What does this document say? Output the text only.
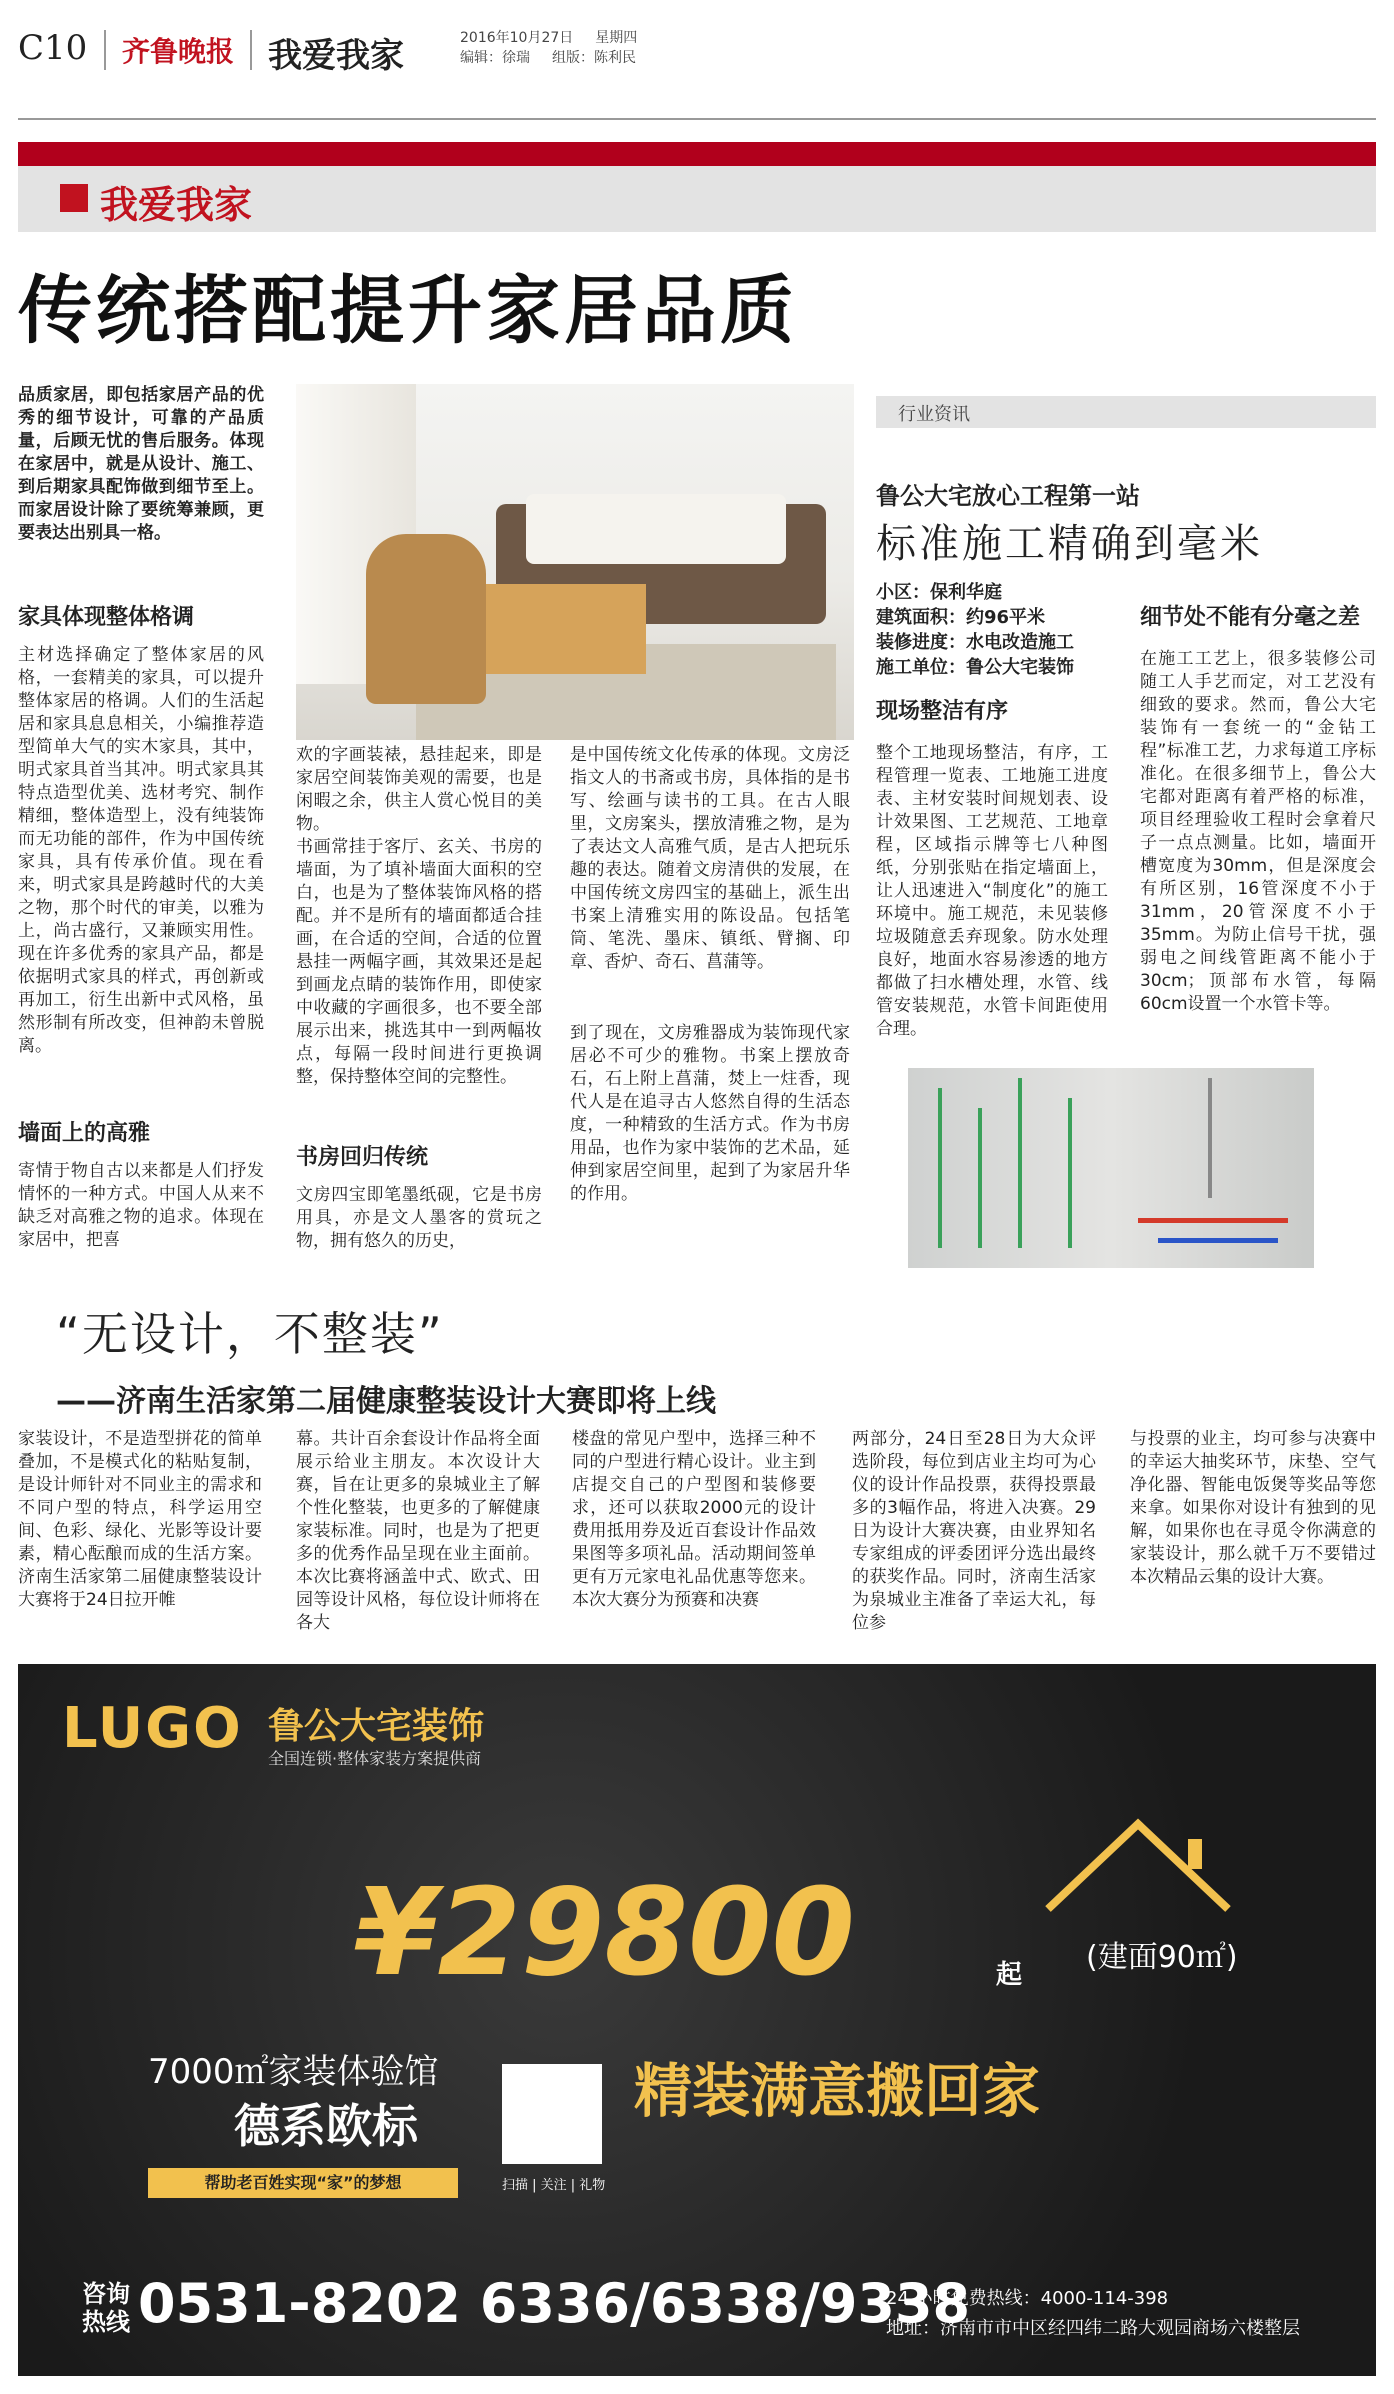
C10 齐鲁晚报 我爱我家	2016年10月27日 星期四
编辑：徐瑞 组版：陈利民
我爱我家
传统搭配提升家居品质
品质家居，即包括家居产品的优秀的细节设计，可靠的产品质量，后顾无忧的售后服务。体现在家居中，就是从设计、施工、到后期家具配饰做到细节至上。而家居设计除了要统筹兼顾，更要表达出别具一格。
家具体现整体格调
主材选择确定了整体家居的风格，一套精美的家具，可以提升整体家居的格调。人们的生活起居和家具息息相关，小编推荐造型简单大气的实木家具，其中，明式家具首当其冲。明式家具其特点造型优美、选材考究、制作精细，整体造型上，没有纯装饰而无功能的部件，作为中国传统家具，具有传承价值。现在看来，明式家具是跨越时代的大美之物，那个时代的审美，以雅为上，尚古盛行，又兼顾实用性。现在许多优秀的家具产品，都是依据明式家具的样式，再创新或再加工，衍生出新中式风格，虽然形制有所改变，但神韵未曾脱离。
墙面上的高雅
寄情于物自古以来都是人们抒发情怀的一种方式。中国人从来不缺乏对高雅之物的追求。体现在家居中，把喜
欢的字画装裱，悬挂起来，即是家居空间装饰美观的需要，也是闲暇之余，供主人赏心悦目的美物。
书画常挂于客厅、玄关、书房的墙面，为了填补墙面大面积的空白，也是为了整体装饰风格的搭配。并不是所有的墙面都适合挂画，在合适的空间，合适的位置悬挂一两幅字画，其效果还是起到画龙点睛的装饰作用，即使家中收藏的字画很多，也不要全部展示出来，挑选其中一到两幅妆点，每隔一段时间进行更换调整，保持整体空间的完整性。
书房回归传统
文房四宝即笔墨纸砚，它是书房用具，亦是文人墨客的赏玩之物，拥有悠久的历史，
是中国传统文化传承的体现。文房泛指文人的书斋或书房，具体指的是书写、绘画与读书的工具。在古人眼里，文房案头，摆放清雅之物，是为了表达文人高雅气质，是古人把玩乐趣的表达。随着文房清供的发展，在中国传统文房四宝的基础上，派生出书案上清雅实用的陈设品。包括笔筒、笔洗、墨床、镇纸、臂搁、印章、香炉、奇石、菖蒲等。
到了现在，文房雅器成为装饰现代家居必不可少的雅物。书案上摆放奇石，石上附上菖蒲，焚上一炷香，现代人是在追寻古人悠然自得的生活态度，一种精致的生活方式。作为书房用品，也作为家中装饰的艺术品，延伸到家居空间里，起到了为家居升华的作用。
行业资讯
鲁公大宅放心工程第一站
标准施工精确到毫米
小区：保利华庭
建筑面积：约96平米
装修进度：水电改造施工
施工单位：鲁公大宅装饰
现场整洁有序
整个工地现场整洁，有序，工程管理一览表、工地施工进度表、主材安装时间规划表、设计效果图、工艺规范、工地章程，区域指示牌等七八种图纸，分别张贴在指定墙面上，让人迅速进入“制度化”的施工环境中。施工规范，未见装修垃圾随意丢弃现象。防水处理良好，地面水容易渗透的地方都做了扫水槽处理，水管、线管安装规范，水管卡间距使用合理。
细节处不能有分毫之差
在施工工艺上，很多装修公司随工人手艺而定，对工艺没有细致的要求。然而，鲁公大宅装饰有一套统一的“金钻工程”标准工艺，力求每道工序标准化。在很多细节上，鲁公大宅都对距离有着严格的标准，项目经理验收工程时会拿着尺子一点点测量。比如，墙面开槽宽度为30mm，但是深度会有所区别，16管深度不小于31mm，20管深度不小于35mm。为防止信号干扰，强弱电之间线管距离不能小于30cm；顶部布水管，每隔60cm设置一个水管卡等。
“无设计，不整装”
——济南生活家第二届健康整装设计大赛即将上线
家装设计，不是造型拼花的简单叠加，不是模式化的粘贴复制，是设计师针对不同业主的需求和不同户型的特点，科学运用空间、色彩、绿化、光影等设计要素，精心酝酿而成的生活方案。济南生活家第二届健康整装设计大赛将于24日拉开帷
幕。共计百余套设计作品将全面展示给业主朋友。本次设计大赛，旨在让更多的泉城业主了解个性化整装，也更多的了解健康家装标准。同时，也是为了把更多的优秀作品呈现在业主面前。本次比赛将涵盖中式、欧式、田园等设计风格，每位设计师将在各大
楼盘的常见户型中，选择三种不同的户型进行精心设计。业主到店提交自己的户型图和装修要求，还可以获取2000元的设计费用抵用券及近百套设计作品效果图等多项礼品。活动期间签单更有万元家电礼品优惠等您来。本次大赛分为预赛和决赛
两部分，24日至28日为大众评选阶段，每位到店业主均可为心仪的设计作品投票，获得投票最多的3幅作品，将进入决赛。29日为设计大赛决赛，由业界知名专家组成的评委团评分选出最终的获奖作品。同时，济南生活家为泉城业主准备了幸运大礼，每位参
与投票的业主，均可参与决赛中的幸运大抽奖环节，床垫、空气净化器、智能电饭煲等奖品等您来拿。如果你对设计有独到的见解，如果你也在寻觅令你满意的家装设计，那么就千万不要错过本次精品云集的设计大赛。
LUGO 鲁公大宅装饰
全国连锁·整体家装方案提供商
¥29800	起 (建面90㎡)
7000㎡家装体验馆
德系欧标
帮助老百姓实现“家”的梦想	扫描 | 关注 | 礼物
精装满意搬回家
咨询热线 0531-8202 6336/6338/9338
24 小时免费热线：4000-114-398
地址：济南市市中区经四纬二路大观园商场六楼整层
